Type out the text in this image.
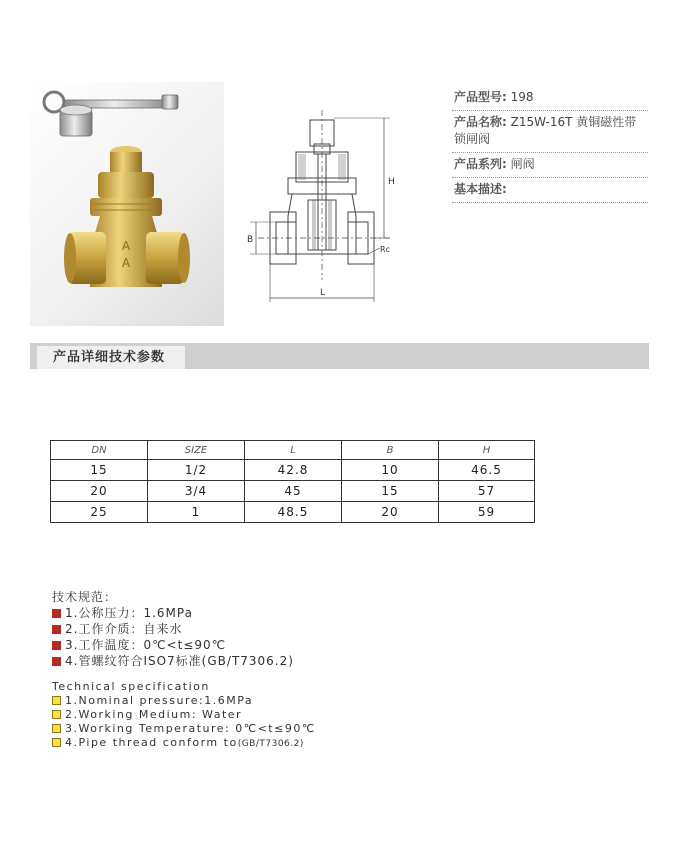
A
A
H
B
Rc
L
产品型号: 198
产品名称: Z15W-16T 黄铜磁性带锁闸阀
产品系列: 闸阀
基本描述:
产品详细技术参数
DN	SIZE	L	B	H
15	1/2	42.8	10	46.5
20	3/4	45	15	57
25	1	48.5	20	59
技术规范：
1.公称压力：1.6MPa
2.工作介质：自来水
3.工作温度：0℃<t≤90℃
4.管螺纹符合ISO7标准(GB/T7306.2)
Technical specification
1.Nominal pressure:1.6MPa
2.Working Medium: Water
3.Working Temperature: 0℃<t≤90℃
4.Pipe thread conform to(GB/T7306.2)
